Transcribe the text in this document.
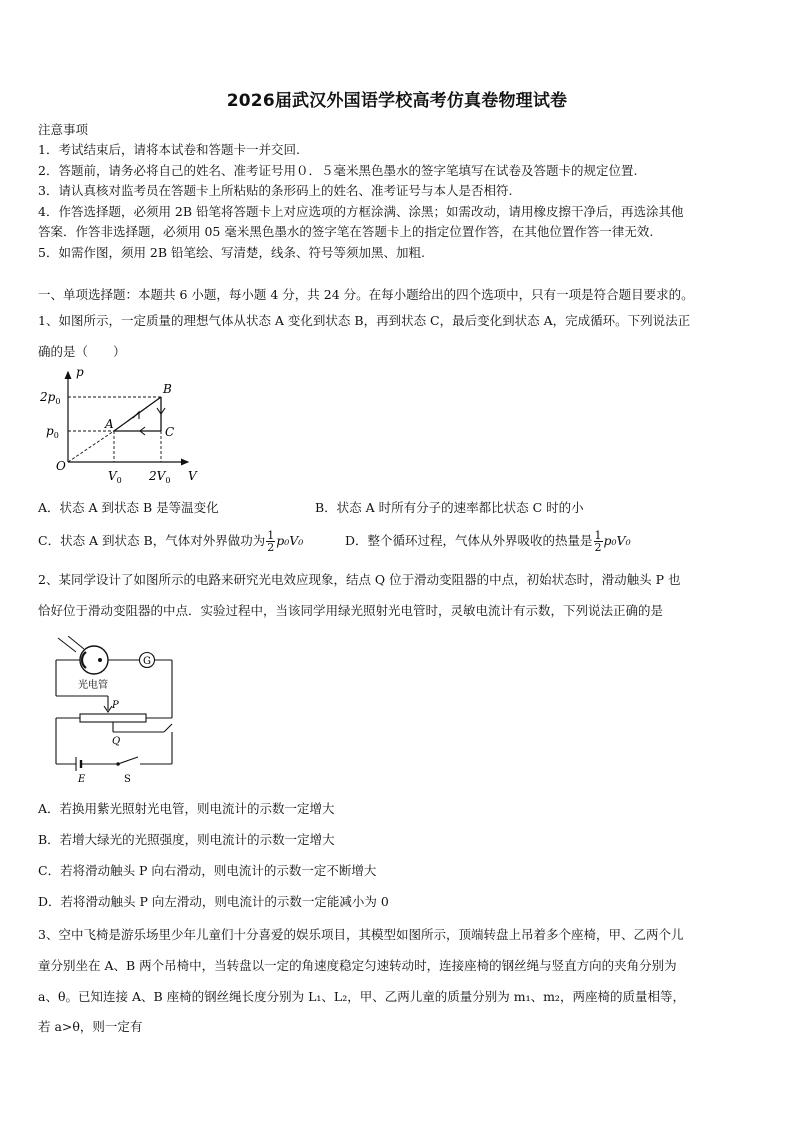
2026届武汉外国语学校高考仿真卷物理试卷
注意事项
1．考试结束后，请将本试卷和答题卡一并交回.
2．答题前，请务必将自己的姓名、准考证号用０．５毫米黑色墨水的签字笔填写在试卷及答题卡的规定位置.
3．请认真核对监考员在答题卡上所粘贴的条形码上的姓名、准考证号与本人是否相符.
4．作答选择题，必须用 2B 铅笔将答题卡上对应选项的方框涂满、涂黑；如需改动，请用橡皮擦干净后，再选涂其他
答案．作答非选择题，必须用 05 毫米黑色墨水的签字笔在答题卡上的指定位置作答，在其他位置作答一律无效.
5．如需作图，须用 2B 铅笔绘、写清楚，线条、符号等须加黑、加粗.
一、单项选择题：本题共 6 小题，每小题 4 分，共 24 分。在每小题给出的四个选项中，只有一项是符合题目要求的。
1、如图所示，一定质量的理想气体从状态 A 变化到状态 B，再到状态 C，最后变化到状态 A，完成循环。下列说法正
确的是（　　）
p
V
O
$2p_0$
$p_0$
$V_0$ $2V_0$
A
B
C
A．状态 A 到状态 B 是等温变化	B．状态 A 时所有分子的速率都比状态 C 时的小
C．状态 A 到状态 B，气体对外界做功为 $\frac{1}{2} p_0V_0$	D．整个循环过程，气体从外界吸收的热量是 $\frac{1}{2} p_0V_0$
2、某同学设计了如图所示的电路来研究光电效应现象，结点 Q 位于滑动变阻器的中点，初始状态时，滑动触头 P 也
恰好位于滑动变阻器的中点．实验过程中，当该同学用绿光照射光电管时，灵敏电流计有示数，下列说法正确的是
G
光电管
P
Q
E	S
A．若换用紫光照射光电管，则电流计的示数一定增大
B．若增大绿光的光照强度，则电流计的示数一定增大
C．若将滑动触头 P 向右滑动，则电流计的示数一定不断增大
D．若将滑动触头 P 向左滑动，则电流计的示数一定能减小为 0
3、空中飞椅是游乐场里少年儿童们十分喜爱的娱乐项目，其模型如图所示，顶端转盘上吊着多个座椅，甲、乙两个儿
童分别坐在 A、B 两个吊椅中，当转盘以一定的角速度稳定匀速转动时，连接座椅的钢丝绳与竖直方向的夹角分别为
a、θ。已知连接 A、B 座椅的钢丝绳长度分别为 L₁、L₂，甲、乙两儿童的质量分别为 m₁、m₂，两座椅的质量相等，
若 a>θ，则一定有
